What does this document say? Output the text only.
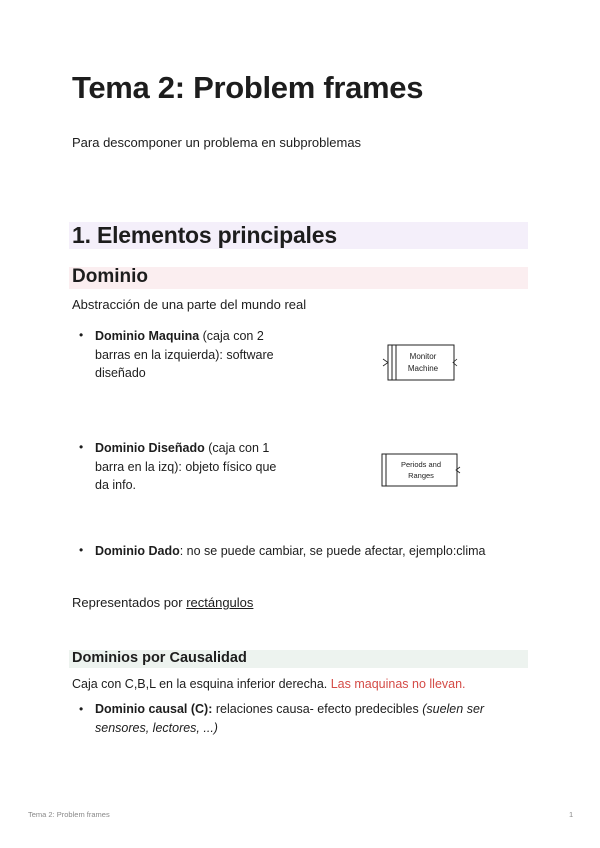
Tema 2: Problem frames
Para descomponer un problema en subproblemas
1. Elementos principales
Dominio
Abstracción de una parte del mundo real
• Dominio Maquina (caja con 2 barras en la izquierda): software diseñado
Monitor
Machine
• Dominio Diseñado (caja con 1 barra en la izq): objeto físico que da info.
Periods and
Ranges
• Dominio Dado: no se puede cambiar, se puede afectar, ejemplo:clima
Representados por rectángulos
Dominios por Causalidad
Caja con C,B,L en la esquina inferior derecha. Las maquinas no llevan.
• Dominio causal (C): relaciones causa- efecto predecibles (suelen ser sensores, lectores, ...)
Tema 2: Problem frames	1
